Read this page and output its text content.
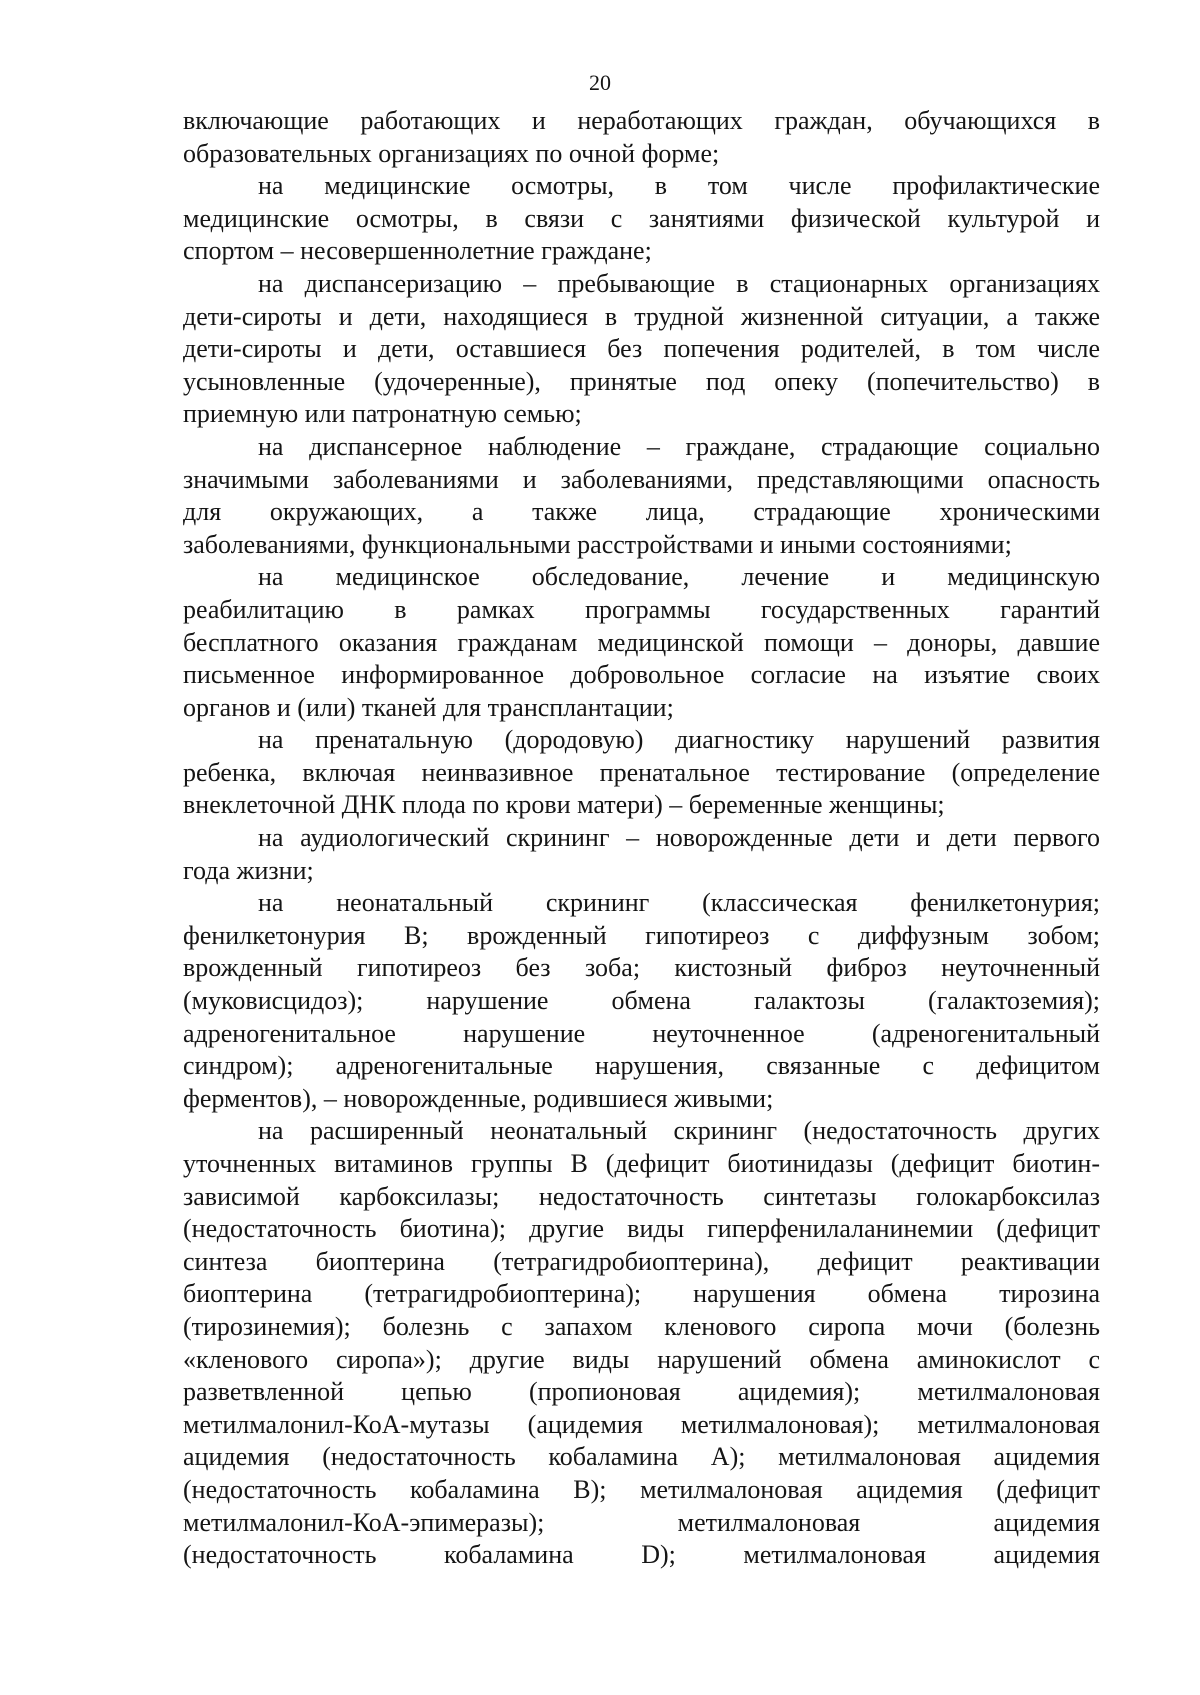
20
включающие работающих и неработающих граждан, обучающихся в
образовательных организациях по очной форме;
на медицинские осмотры, в том числе профилактические
медицинские осмотры, в связи с занятиями физической культурой и
спортом – несовершеннолетние граждане;
на диспансеризацию – пребывающие в стационарных организациях
дети-сироты и дети, находящиеся в трудной жизненной ситуации, а также
дети-сироты и дети, оставшиеся без попечения родителей, в том числе
усыновленные (удочеренные), принятые под опеку (попечительство) в
приемную или патронатную семью;
на диспансерное наблюдение – граждане, страдающие социально
значимыми заболеваниями и заболеваниями, представляющими опасность
для окружающих, а также лица, страдающие хроническими
заболеваниями, функциональными расстройствами и иными состояниями;
на медицинское обследование, лечение и медицинскую
реабилитацию в рамках программы государственных гарантий
бесплатного оказания гражданам медицинской помощи – доноры, давшие
письменное информированное добровольное согласие на изъятие своих
органов и (или) тканей для трансплантации;
на пренатальную (дородовую) диагностику нарушений развития
ребенка, включая неинвазивное пренатальное тестирование (определение
внеклеточной ДНК плода по крови матери) – беременные женщины;
на аудиологический скрининг – новорожденные дети и дети первого
года жизни;
на неонатальный скрининг (классическая фенилкетонурия;
фенилкетонурия B; врожденный гипотиреоз с диффузным зобом;
врожденный гипотиреоз без зоба; кистозный фиброз неуточненный
(муковисцидоз); нарушение обмена галактозы (галактоземия);
адреногенитальное нарушение неуточненное (адреногенитальный
синдром); адреногенитальные нарушения, связанные с дефицитом
ферментов), – новорожденные, родившиеся живыми;
на расширенный неонатальный скрининг (недостаточность других
уточненных витаминов группы B (дефицит биотинидазы (дефицит биотин-
зависимой карбоксилазы; недостаточность синтетазы голокарбоксилаз
(недостаточность биотина); другие виды гиперфенилаланинемии (дефицит
синтеза биоптерина (тетрагидробиоптерина), дефицит реактивации
биоптерина (тетрагидробиоптерина); нарушения обмена тирозина
(тирозинемия); болезнь с запахом кленового сиропа мочи (болезнь
«кленового сиропа»); другие виды нарушений обмена аминокислот с
разветвленной цепью (пропионовая ацидемия); метилмалоновая
метилмалонил-КоА-мутазы (ацидемия метилмалоновая); метилмалоновая
ацидемия (недостаточность кобаламина A); метилмалоновая ацидемия
(недостаточность кобаламина B); метилмалоновая ацидемия (дефицит
метилмалонил-КоА-эпимеразы); метилмалоновая ацидемия
(недостаточность кобаламина D); метилмалоновая ацидемия
